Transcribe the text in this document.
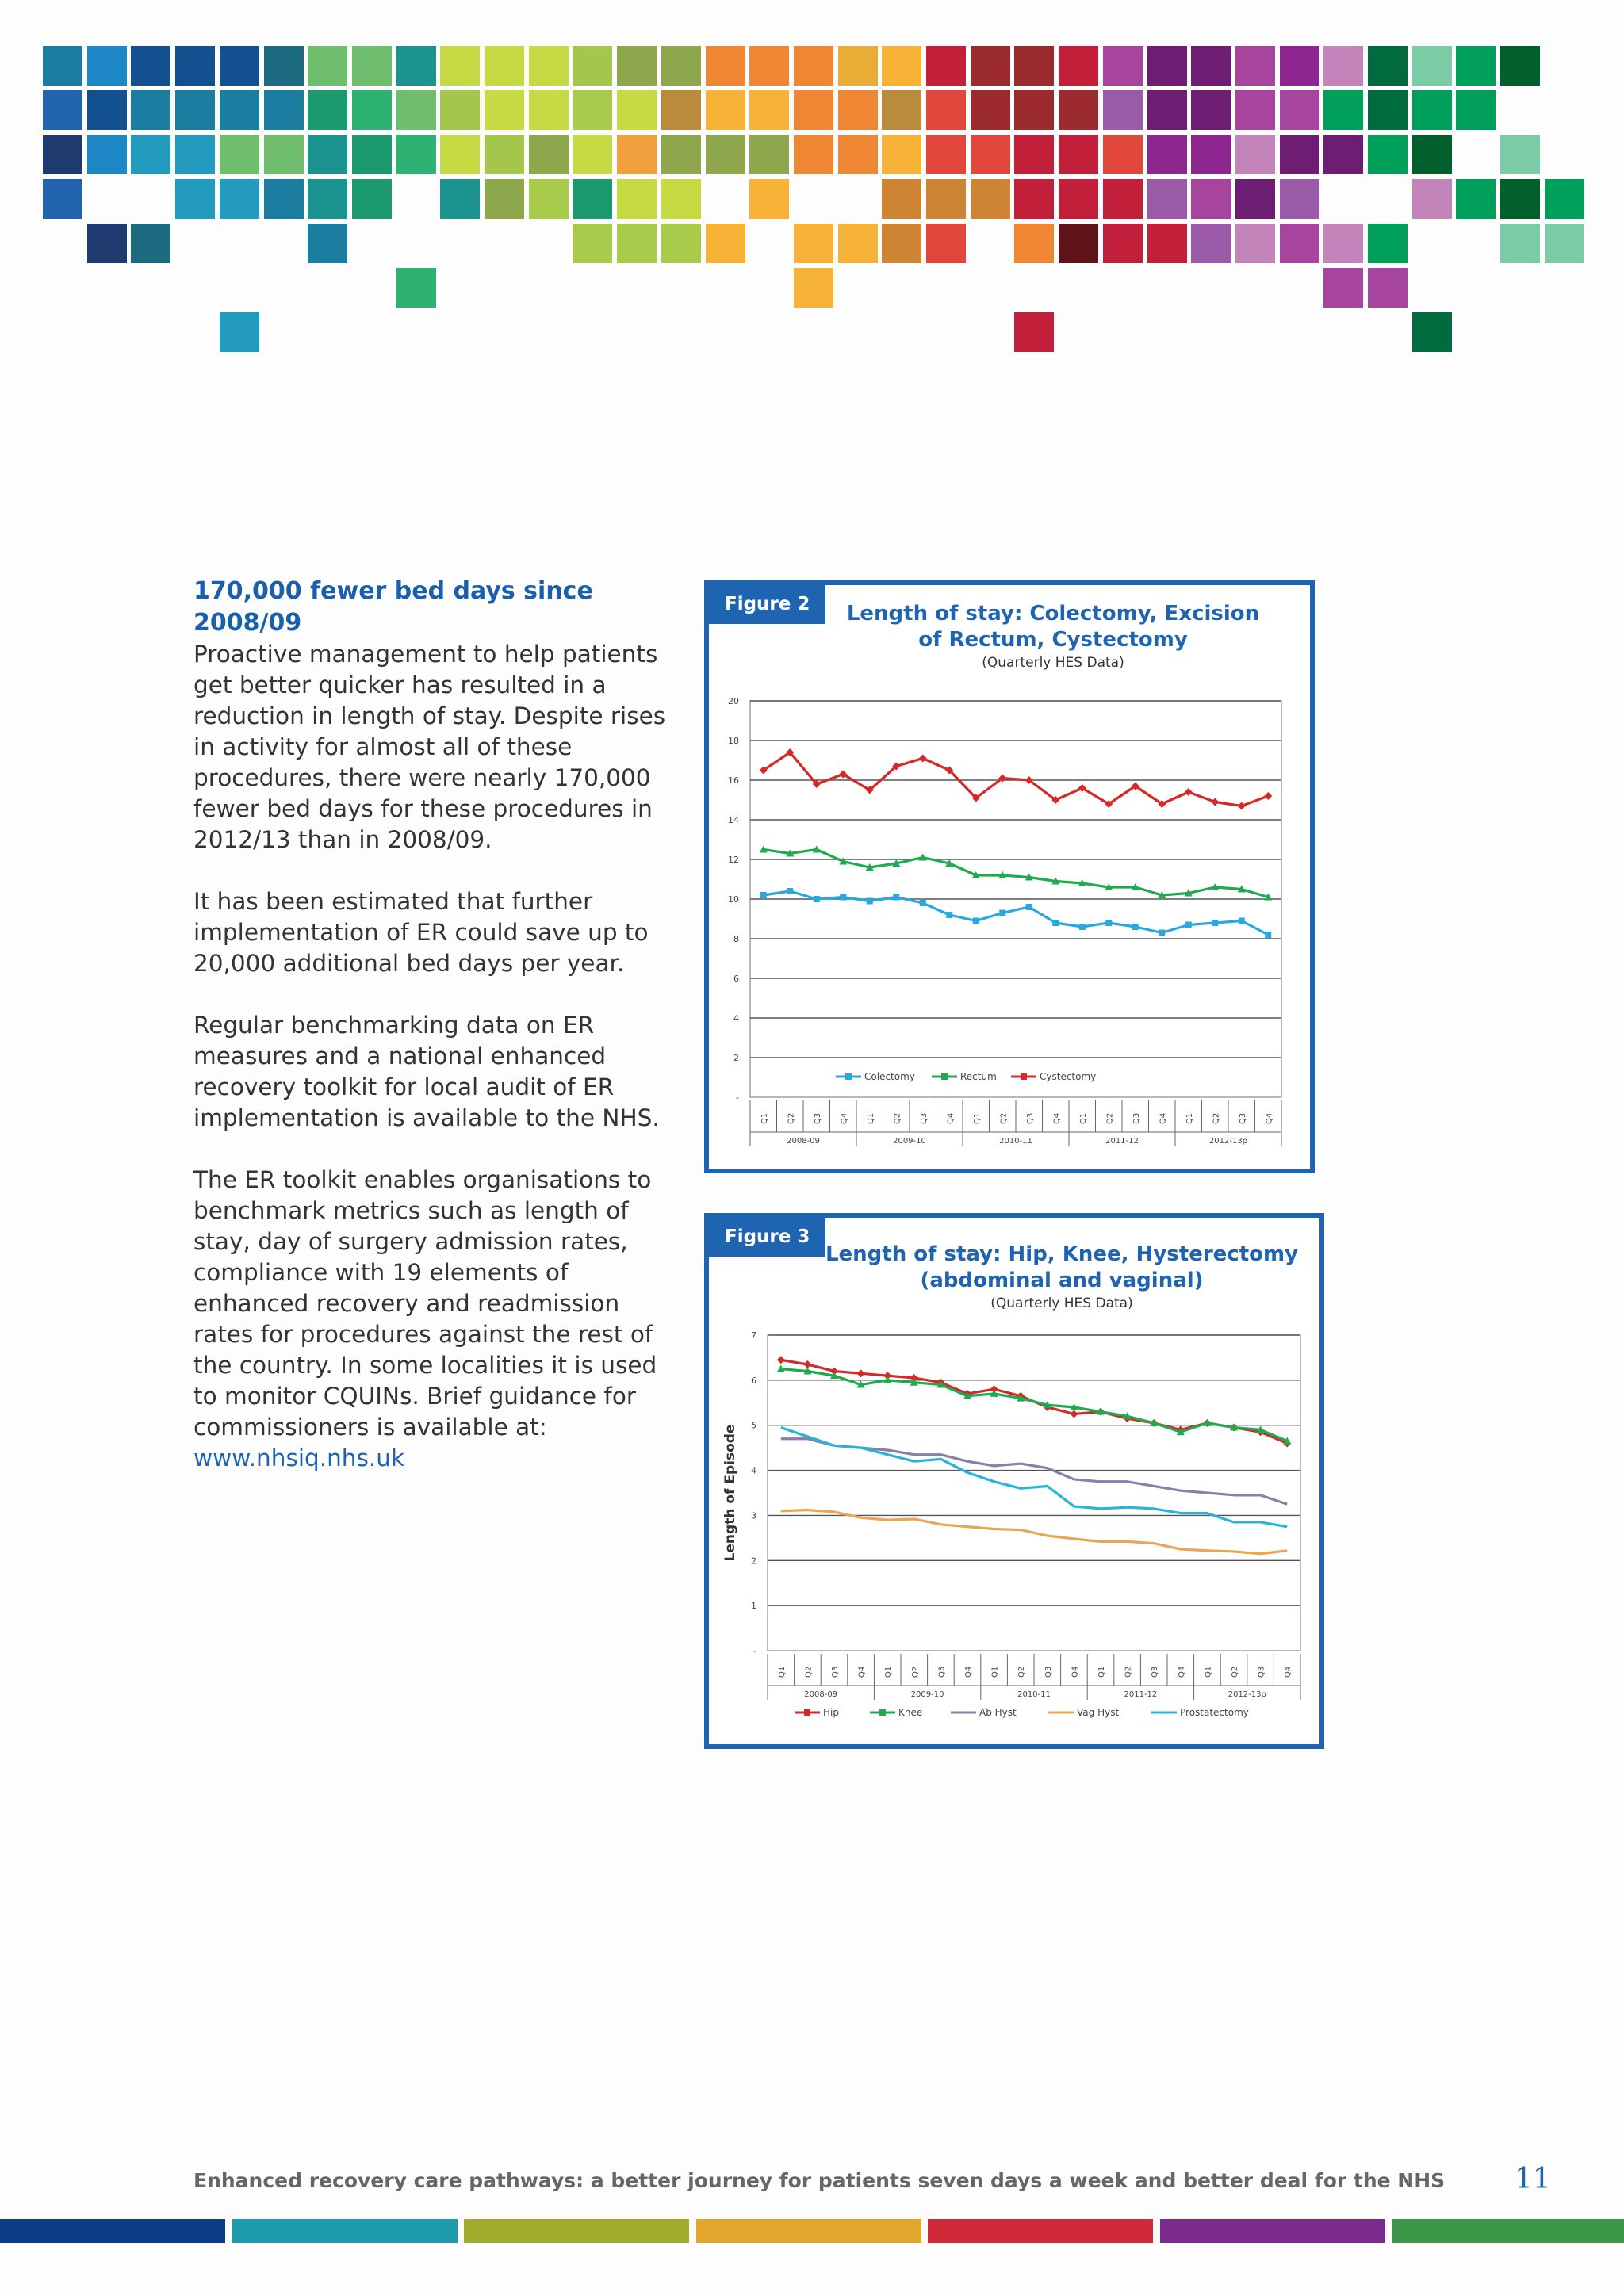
170,000 fewer bed days since 2008/09

Proactive management to help patients get better quicker has resulted in a reduction in length of stay. Despite rises in activity for almost all of these procedures, there were nearly 170,000 fewer bed days for these procedures in 2012/13 than in 2008/09.

It has been estimated that further implementation of ER could save up to 20,000 additional bed days per year.

Regular benchmarking data on ER measures and a national enhanced recovery toolkit for local audit of ER implementation is available to the NHS.

The ER toolkit enables organisations to benchmark metrics such as length of stay, day of surgery admission rates, compliance with 19 elements of enhanced recovery and readmission rates for procedures against the rest of the country. In some localities it is used to monitor CQUINs. Brief guidance for commissioners is available at: www.nhsiq.nhs.uk

-
2
4
6
8
10
12
14
16
18
20
Q1 Q2 Q3 Q4 Q1 Q2 Q3 Q4 Q1 Q2 Q3 Q4 Q1 Q2 Q3 Q4 Q1 Q2 Q3 Q4
2008-09	2009-10	2010-11	2011-12	2012-13p
Colectomy	Rectum	Cystectomy
Figure 2	Length of stay: Colectomy, Excision
of Rectum, Cystectomy
(Quarterly HES Data)
-
1
2
3
4
5
6
7
Q1 Q2 Q3 Q4 Q1 Q2 Q3 Q4 Q1 Q2 Q3 Q4 Q1 Q2 Q3 Q4 Q1 Q2 Q3 Q4
2008-09	2009-10	2010-11	2011-12	2012-13p
Hip	Knee	Ab Hyst	Vag Hyst	Prostatectomy
Length of Episode
Figure 3
Length of stay: Hip, Knee, Hysterectomy
(abdominal and vaginal)
(Quarterly HES Data)
Enhanced recovery care pathways: a better journey for patients seven days a week and better deal for the NHS 11
